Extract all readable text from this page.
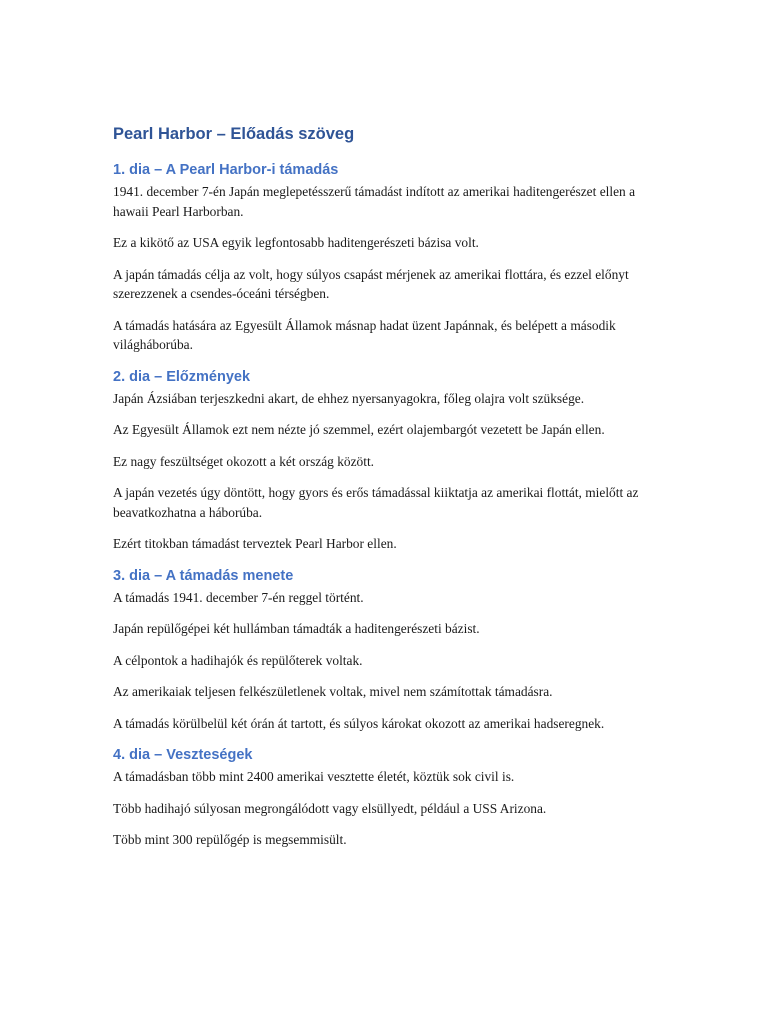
Pearl Harbor – Előadás szöveg
1. dia – A Pearl Harbor-i támadás

1941. december 7-én Japán meglepetésszerű támadást indított az amerikai haditengerészet ellen a hawaii Pearl Harborban.

Ez a kikötő az USA egyik legfontosabb haditengerészeti bázisa volt.

A japán támadás célja az volt, hogy súlyos csapást mérjenek az amerikai flottára, és ezzel előnyt szerezzenek a csendes-óceáni térségben.

A támadás hatására az Egyesült Államok másnap hadat üzent Japánnak, és belépett a második világháborúba.

2. dia – Előzmények

Japán Ázsiában terjeszkedni akart, de ehhez nyersanyagokra, főleg olajra volt szüksége.

Az Egyesült Államok ezt nem nézte jó szemmel, ezért olajembargót vezetett be Japán ellen.

Ez nagy feszültséget okozott a két ország között.

A japán vezetés úgy döntött, hogy gyors és erős támadással kiiktatja az amerikai flottát, mielőtt az beavatkozhatna a háborúba.

Ezért titokban támadást terveztek Pearl Harbor ellen.

3. dia – A támadás menete

A támadás 1941. december 7-én reggel történt.

Japán repülőgépei két hullámban támadták a haditengerészeti bázist.

A célpontok a hadihajók és repülőterek voltak.

Az amerikaiak teljesen felkészületlenek voltak, mivel nem számítottak támadásra.

A támadás körülbelül két órán át tartott, és súlyos károkat okozott az amerikai hadseregnek.

4. dia – Veszteségek

A támadásban több mint 2400 amerikai vesztette életét, köztük sok civil is.

Több hadihajó súlyosan megrongálódott vagy elsüllyedt, például a USS Arizona.

Több mint 300 repülőgép is megsemmisült.
